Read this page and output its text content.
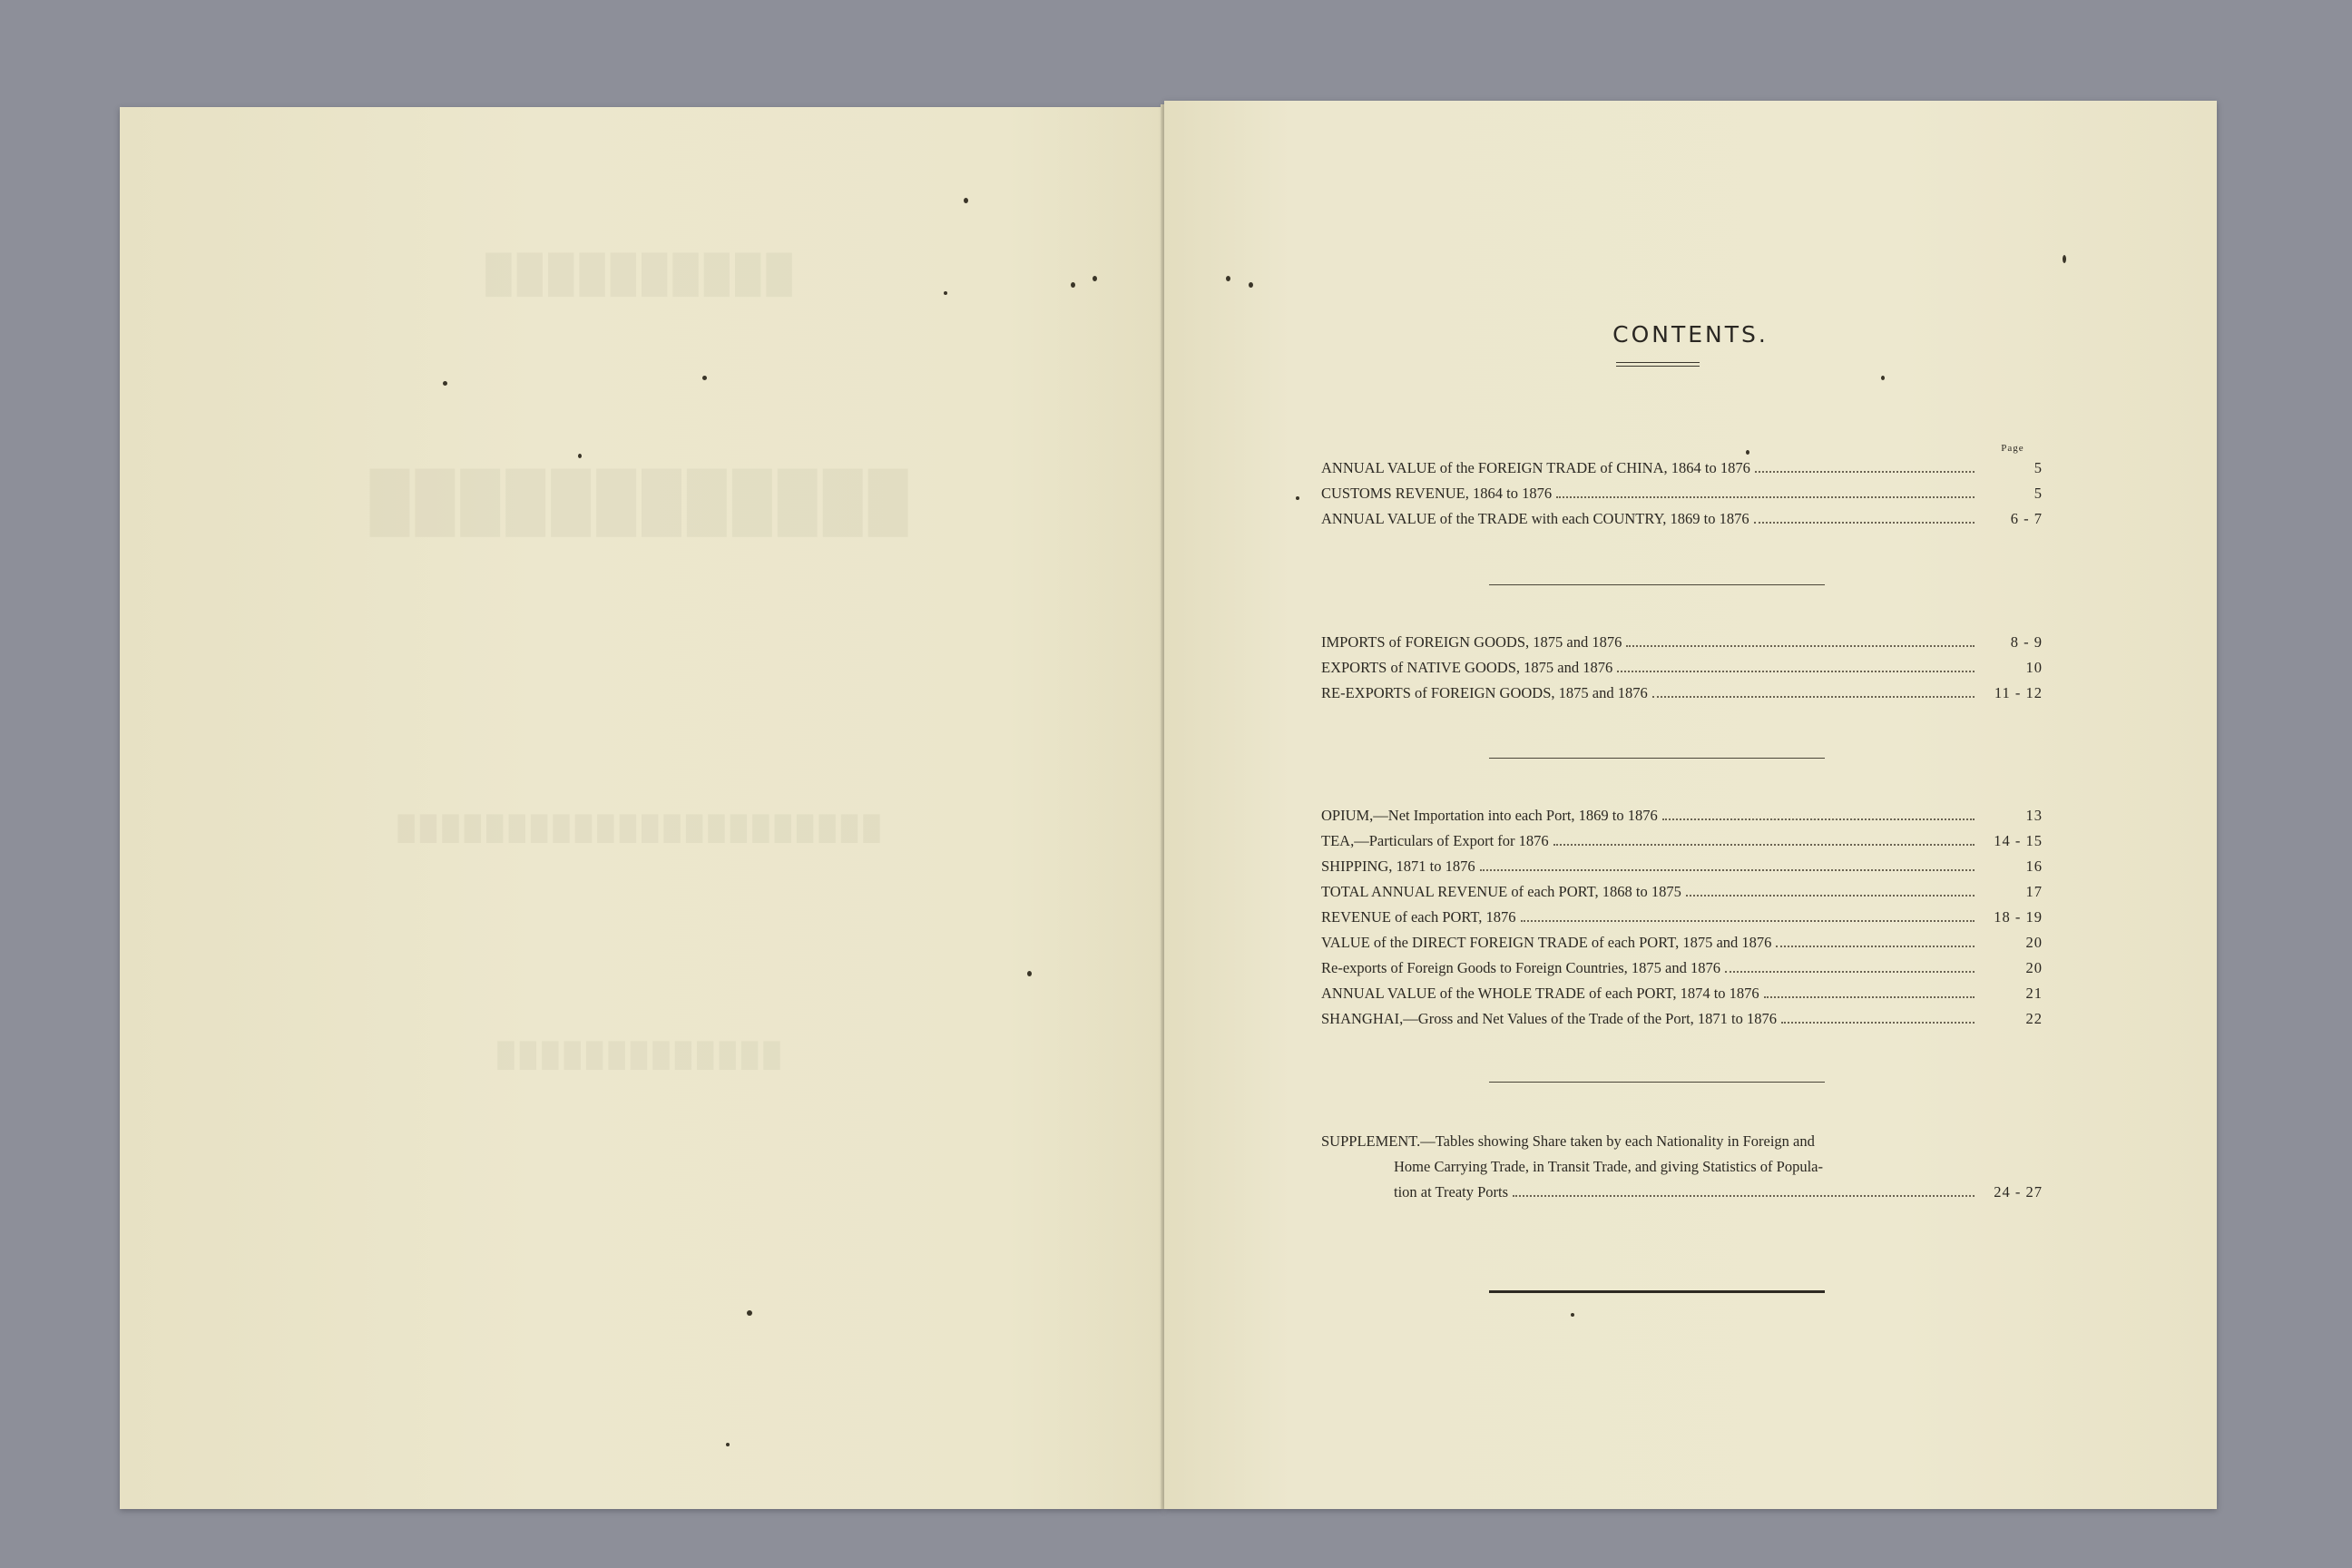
██████████
████████████
██████████████████████
█████████████
CONTENTS.
Page
ANNUAL VALUE of the FOREIGN TRADE of CHINA, 1864 to 1876	5
CUSTOMS REVENUE, 1864 to 1876	5
ANNUAL VALUE of the TRADE with each COUNTRY, 1869 to 1876	6 - 7
IMPORTS of FOREIGN GOODS, 1875 and 1876	8 - 9
EXPORTS of NATIVE GOODS, 1875 and 1876	10
RE-EXPORTS of FOREIGN GOODS, 1875 and 1876	11 - 12
OPIUM,—Net Importation into each Port, 1869 to 1876	13
TEA,—Particulars of Export for 1876	14 - 15
SHIPPING, 1871 to 1876	16
TOTAL ANNUAL REVENUE of each PORT, 1868 to 1875	17
REVENUE of each PORT, 1876	18 - 19
VALUE of the DIRECT FOREIGN TRADE of each PORT, 1875 and 1876	20
Re-exports of Foreign Goods to Foreign Countries, 1875 and 1876	20
ANNUAL VALUE of the WHOLE TRADE of each PORT, 1874 to 1876	21
SHANGHAI,—Gross and Net Values of the Trade of the Port, 1871 to 1876	22
SUPPLEMENT.—Tables showing Share taken by each Nationality in Foreign and
Home Carrying Trade, in Transit Trade, and giving Statistics of Popula-
tion at Treaty Ports	24 - 27
